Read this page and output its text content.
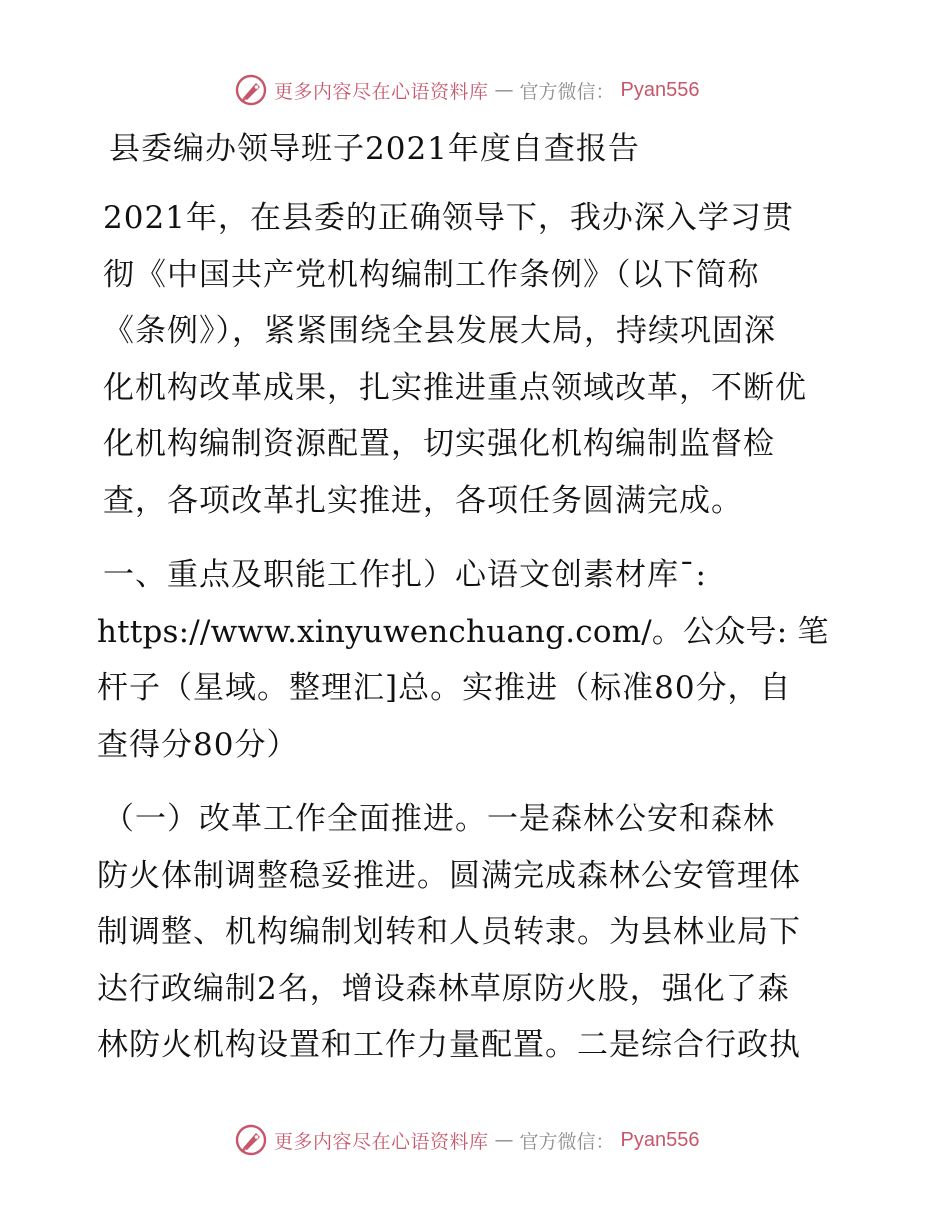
更多内容尽在心语资料库 — 官方微信： Pyan556
县委编办领导班子2021年度自查报告

2021年，在县委的正确领导下，我办深入学习贯
彻《中国共产党机构编制工作条例》（以下简称
《条例》），紧紧围绕全县发展大局，持续巩固深
化机构改革成果，扎实推进重点领域改革，不断优
化机构编制资源配置，切实强化机构编制监督检
查，各项改革扎实推进，各项任务圆满完成。

一、重点及职能工作扎）心语文创素材库¯:
https://www.xinyuwenchuang.com/。公众号: 笔
杆子（星域。整理汇]总。实推进（标准80分，自
查得分80分）

（一）改革工作全面推进。一是森林公安和森林
防火体制调整稳妥推进。圆满完成森林公安管理体
制调整、机构编制划转和人员转隶。为县林业局下
达行政编制2名，增设森林草原防火股，强化了森
林防火机构设置和工作力量配置。二是综合行政执

更多内容尽在心语资料库 — 官方微信： Pyan556
